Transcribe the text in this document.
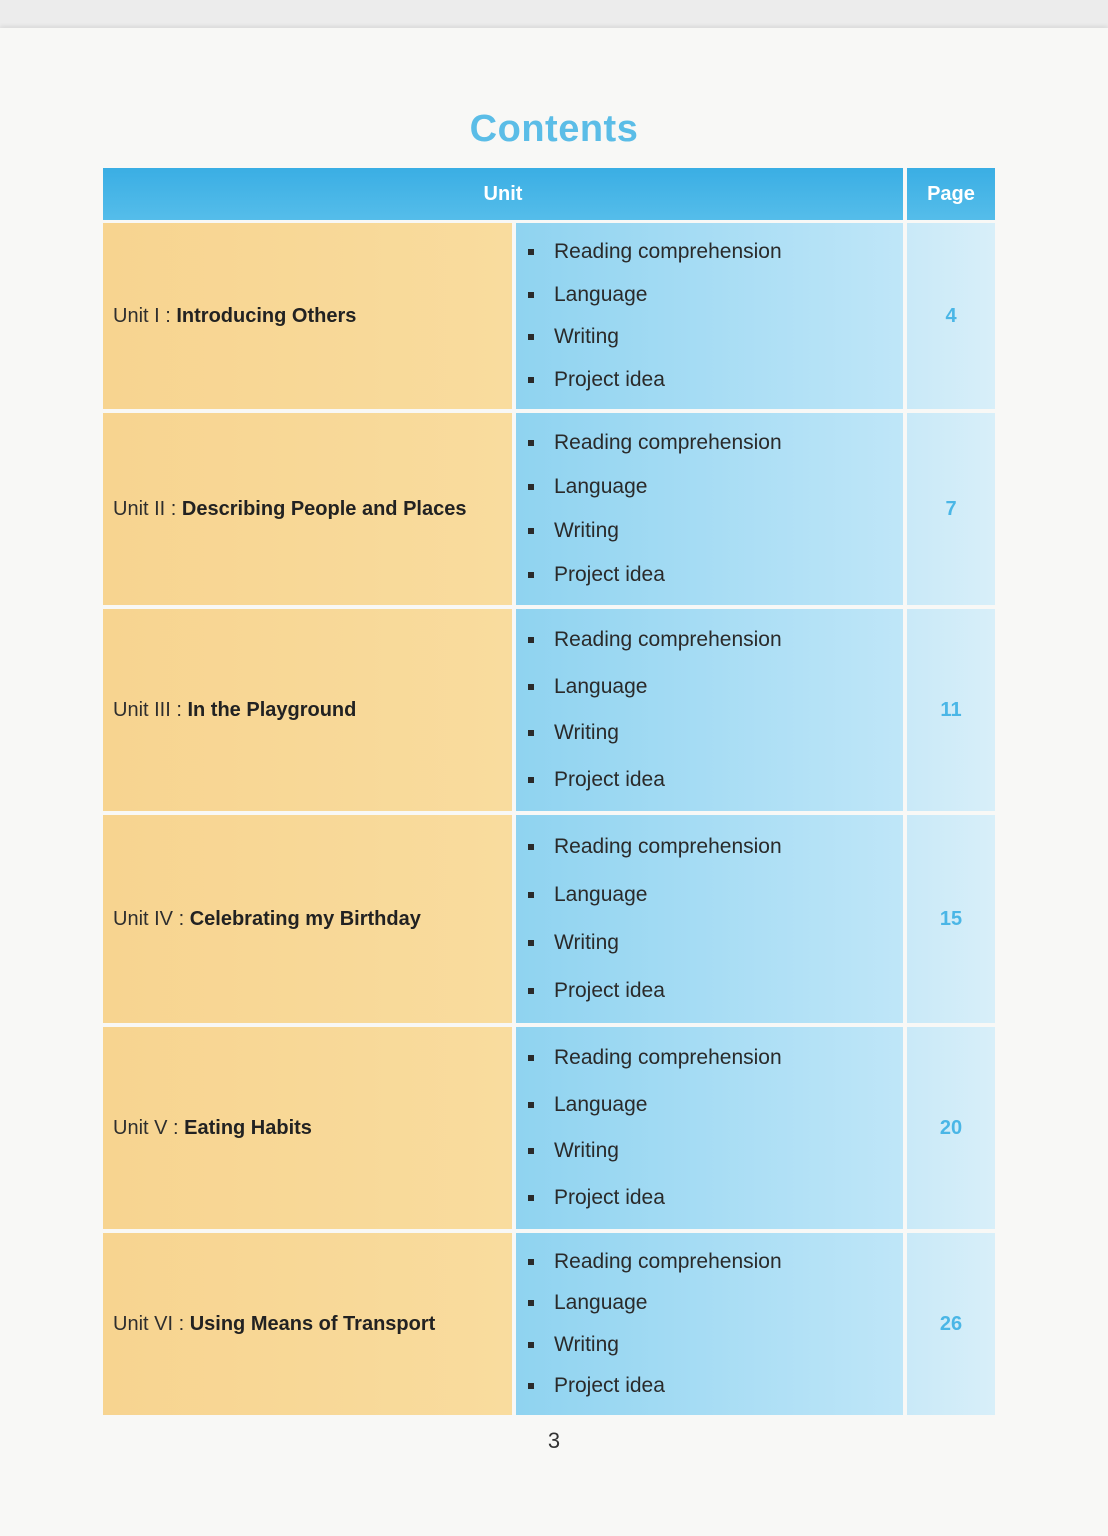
Contents
Unit	Page
Unit I :
Introducing Others
Reading comprehension
Language
Writing
Project idea
4
Unit II :
Describing People and Places
Reading comprehension
Language
Writing
Project idea
7
Unit III :
In the Playground
Reading comprehension
Language
Writing
Project idea
11
Unit IV :
Celebrating my Birthday
Reading comprehension
Language
Writing
Project idea
15
Unit V :
Eating Habits
Reading comprehension
Language
Writing
Project idea
20
Unit VI :
Using Means of Transport
Reading comprehension
Language
Writing
Project idea
26
3
